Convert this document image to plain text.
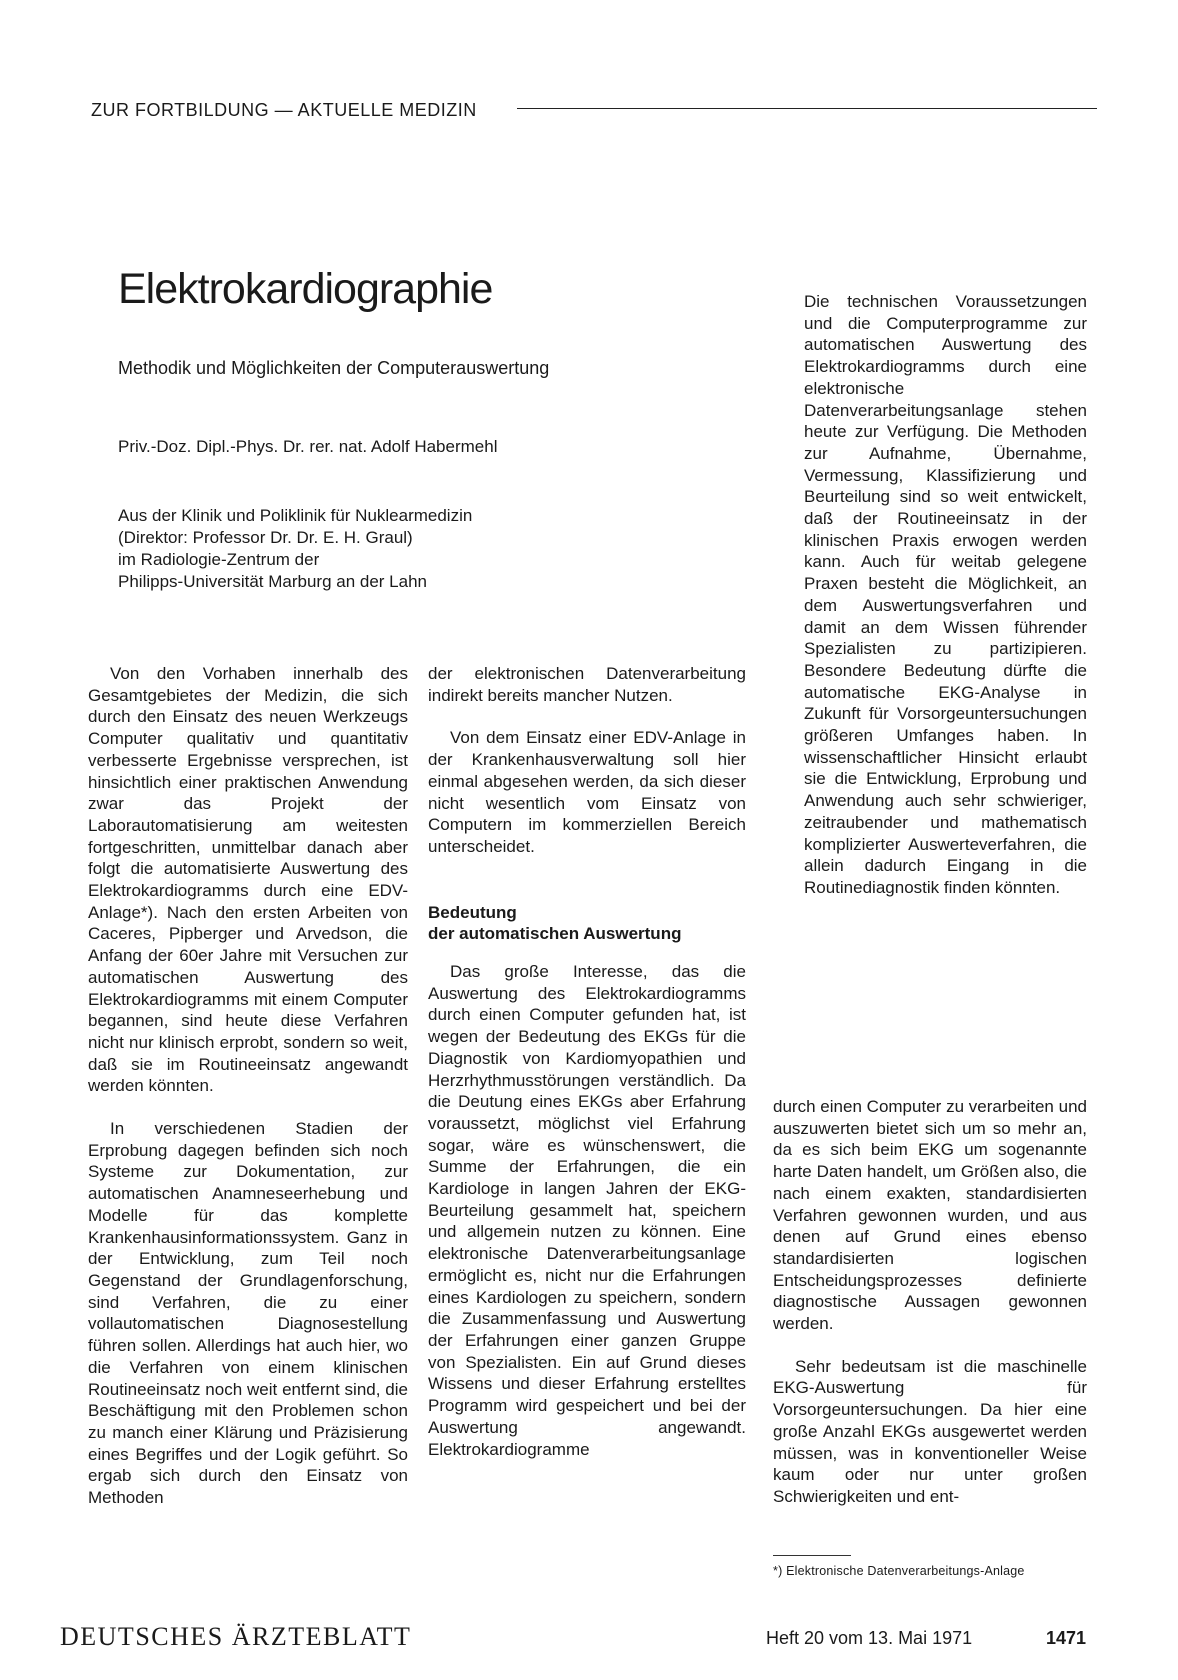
ZUR FORTBILDUNG — AKTUELLE MEDIZIN
Elektrokardiographie
Methodik und Möglichkeiten der Computerauswertung
Priv.-Doz. Dipl.-Phys. Dr. rer. nat. Adolf Habermehl
Aus der Klinik und Poliklinik für Nuklearmedizin
(Direktor: Professor Dr. Dr. E. H. Graul)
im Radiologie-Zentrum der
Philipps-Universität Marburg an der Lahn

Von den Vorhaben innerhalb des Gesamtgebietes der Medizin, die sich durch den Einsatz des neuen Werkzeugs Computer qualitativ und quantitativ verbesserte Ergebnisse versprechen, ist hinsichtlich einer praktischen Anwendung zwar das Projekt der Laborautomatisierung am weitesten fortgeschritten, unmittelbar danach aber folgt die automatisierte Auswertung des Elektrokardiogramms durch eine EDV-Anlage*). Nach den ersten Arbeiten von Caceres, Pipberger und Arvedson, die Anfang der 60er Jahre mit Versuchen zur automatischen Auswertung des Elektrokardiogramms mit einem Computer begannen, sind heute diese Verfahren nicht nur klinisch erprobt, sondern so weit, daß sie im Routineeinsatz angewandt werden könnten.

In verschiedenen Stadien der Erprobung dagegen befinden sich noch Systeme zur Dokumentation, zur automatischen Anamneseerhebung und Modelle für das komplette Krankenhausinformationssystem. Ganz in der Entwicklung, zum Teil noch Gegenstand der Grundlagenforschung, sind Verfahren, die zu einer vollautomatischen Diagnosestellung führen sollen. Allerdings hat auch hier, wo die Verfahren von einem klinischen Routineeinsatz noch weit entfernt sind, die Beschäftigung mit den Problemen schon zu manch einer Klärung und Präzisierung eines Begriffes und der Logik geführt. So ergab sich durch den Einsatz von Methoden

der elektronischen Datenverarbeitung indirekt bereits mancher Nutzen.

Von dem Einsatz einer EDV-Anlage in der Krankenhausverwaltung soll hier einmal abgesehen werden, da sich dieser nicht wesentlich vom Einsatz von Computern im kommerziellen Bereich unterscheidet.

Bedeutung
der automatischen Auswertung

Das große Interesse, das die Auswertung des Elektrokardiogramms durch einen Computer gefunden hat, ist wegen der Bedeutung des EKGs für die Diagnostik von Kardiomyopathien und Herzrhythmusstörungen verständlich. Da die Deutung eines EKGs aber Erfahrung voraussetzt, möglichst viel Erfahrung sogar, wäre es wünschenswert, die Summe der Erfahrungen, die ein Kardiologe in langen Jahren der EKG-Beurteilung gesammelt hat, speichern und allgemein nutzen zu können. Eine elektronische Datenverarbeitungsanlage ermöglicht es, nicht nur die Erfahrungen eines Kardiologen zu speichern, sondern die Zusammenfassung und Auswertung der Erfahrungen einer ganzen Gruppe von Spezialisten. Ein auf Grund dieses Wissens und dieser Erfahrung erstelltes Programm wird gespeichert und bei der Auswertung angewandt. Elektrokardiogramme

Die technischen Voraussetzungen und die Computerprogramme zur automatischen Auswertung des Elektrokardiogramms durch eine elektronische Datenverarbeitungsanlage stehen heute zur Verfügung. Die Methoden zur Aufnahme, Übernahme, Vermessung, Klassifizierung und Beurteilung sind so weit entwickelt, daß der Routineeinsatz in der klinischen Praxis erwogen werden kann. Auch für weitab gelegene Praxen besteht die Möglichkeit, an dem Auswertungsverfahren und damit an dem Wissen führender Spezialisten zu partizipieren. Besondere Bedeutung dürfte die automatische EKG-Analyse in Zukunft für Vorsorgeuntersuchungen größeren Umfanges haben. In wissenschaftlicher Hinsicht erlaubt sie die Entwicklung, Erprobung und Anwendung auch sehr schwieriger, zeitraubender und mathematisch komplizierter Auswerteverfahren, die allein dadurch Eingang in die Routinediagnostik finden könnten.

durch einen Computer zu verarbeiten und auszuwerten bietet sich um so mehr an, da es sich beim EKG um sogenannte harte Daten handelt, um Größen also, die nach einem exakten, standardisierten Verfahren gewonnen wurden, und aus denen auf Grund eines ebenso standardisierten logischen Entscheidungsprozesses definierte diagnostische Aussagen gewonnen werden.

Sehr bedeutsam ist die maschinelle EKG-Auswertung für Vorsorgeuntersuchungen. Da hier eine große Anzahl EKGs ausgewertet werden müssen, was in konventioneller Weise kaum oder nur unter großen Schwierigkeiten und ent-

*) Elektronische Datenverarbeitungs-Anlage
DEUTSCHES ÄRZTEBLATT	Heft 20 vom 13. Mai 1971	1471
